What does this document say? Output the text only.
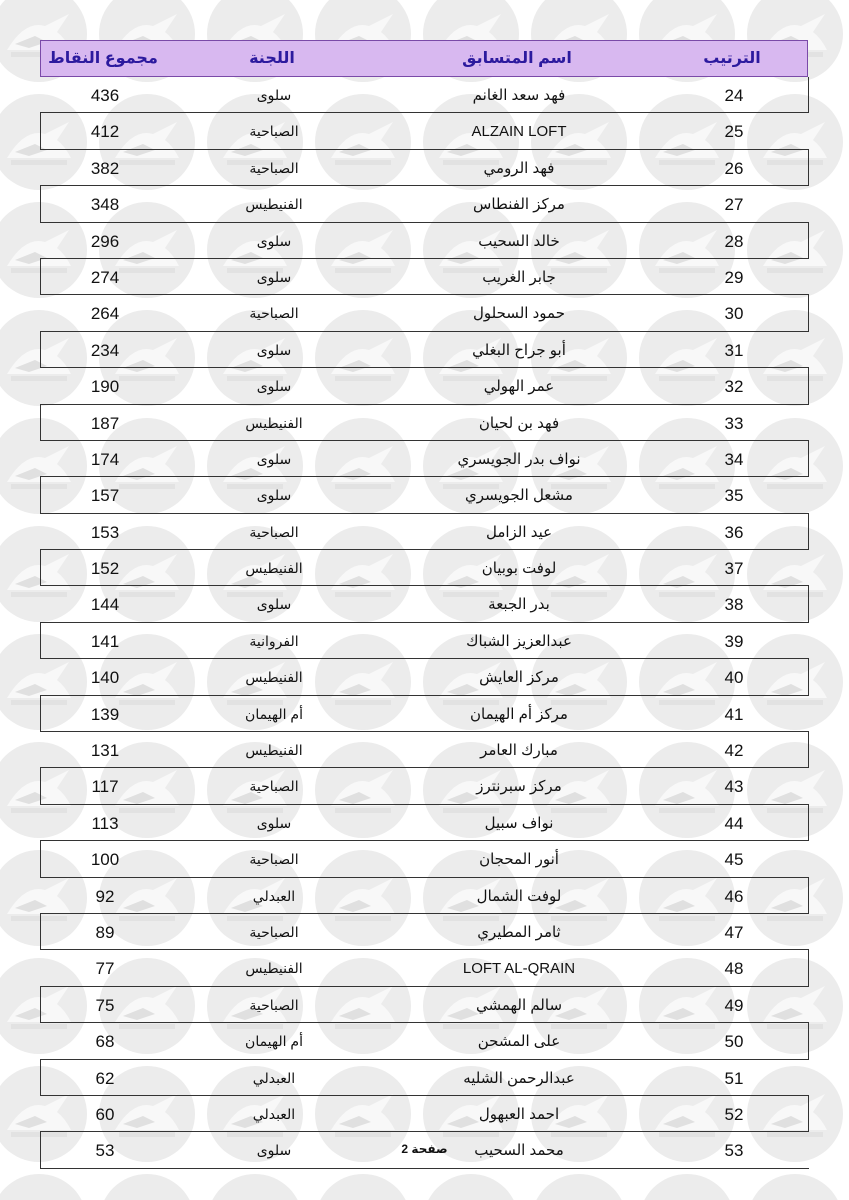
الترتيب
اسم المتسابق
اللجنة
مجموع النقاط
24
فهد سعد الغانم
سلوى
436
25
ALZAIN LOFT
الصباحية
412
26
فهد الرومي
الصباحية
382
27
مركز الفنطاس
الفنيطيس
348
28
خالد السحيب
سلوى
296
29
جابر الغريب
سلوى
274
30
حمود السحلول
الصباحية
264
31
أبو جراح البغلي
سلوى
234
32
عمر الهولي
سلوى
190
33
فهد بن لحيان
الفنيطيس
187
34
نواف بدر الجويسري
سلوى
174
35
مشعل الجويسري
سلوى
157
36
عيد الزامل
الصباحية
153
37
لوفت بوبيان
الفنيطيس
152
38
بدر الجبعة
سلوى
144
39
عبدالعزيز الشباك
الفروانية
141
40
مركز العايش
الفنيطيس
140
41
مركز أم الهيمان
أم الهيمان
139
42
مبارك العامر
الفنيطيس
131
43
مركز سبرنترز
الصباحية
117
44
نواف سبيل
سلوى
113
45
أنور المحجان
الصباحية
100
46
لوفت الشمال
العبدلي
92
47
ثامر المطيري
الصباحية
89
48
LOFT AL-QRAIN
الفنيطيس
77
49
سالم الهمشي
الصباحية
75
50
على المشحن
أم الهيمان
68
51
عبدالرحمن الشليه
العبدلي
62
52
احمد العبهول
العبدلي
60
53
محمد السحيب
سلوى
53	صفحة 2
